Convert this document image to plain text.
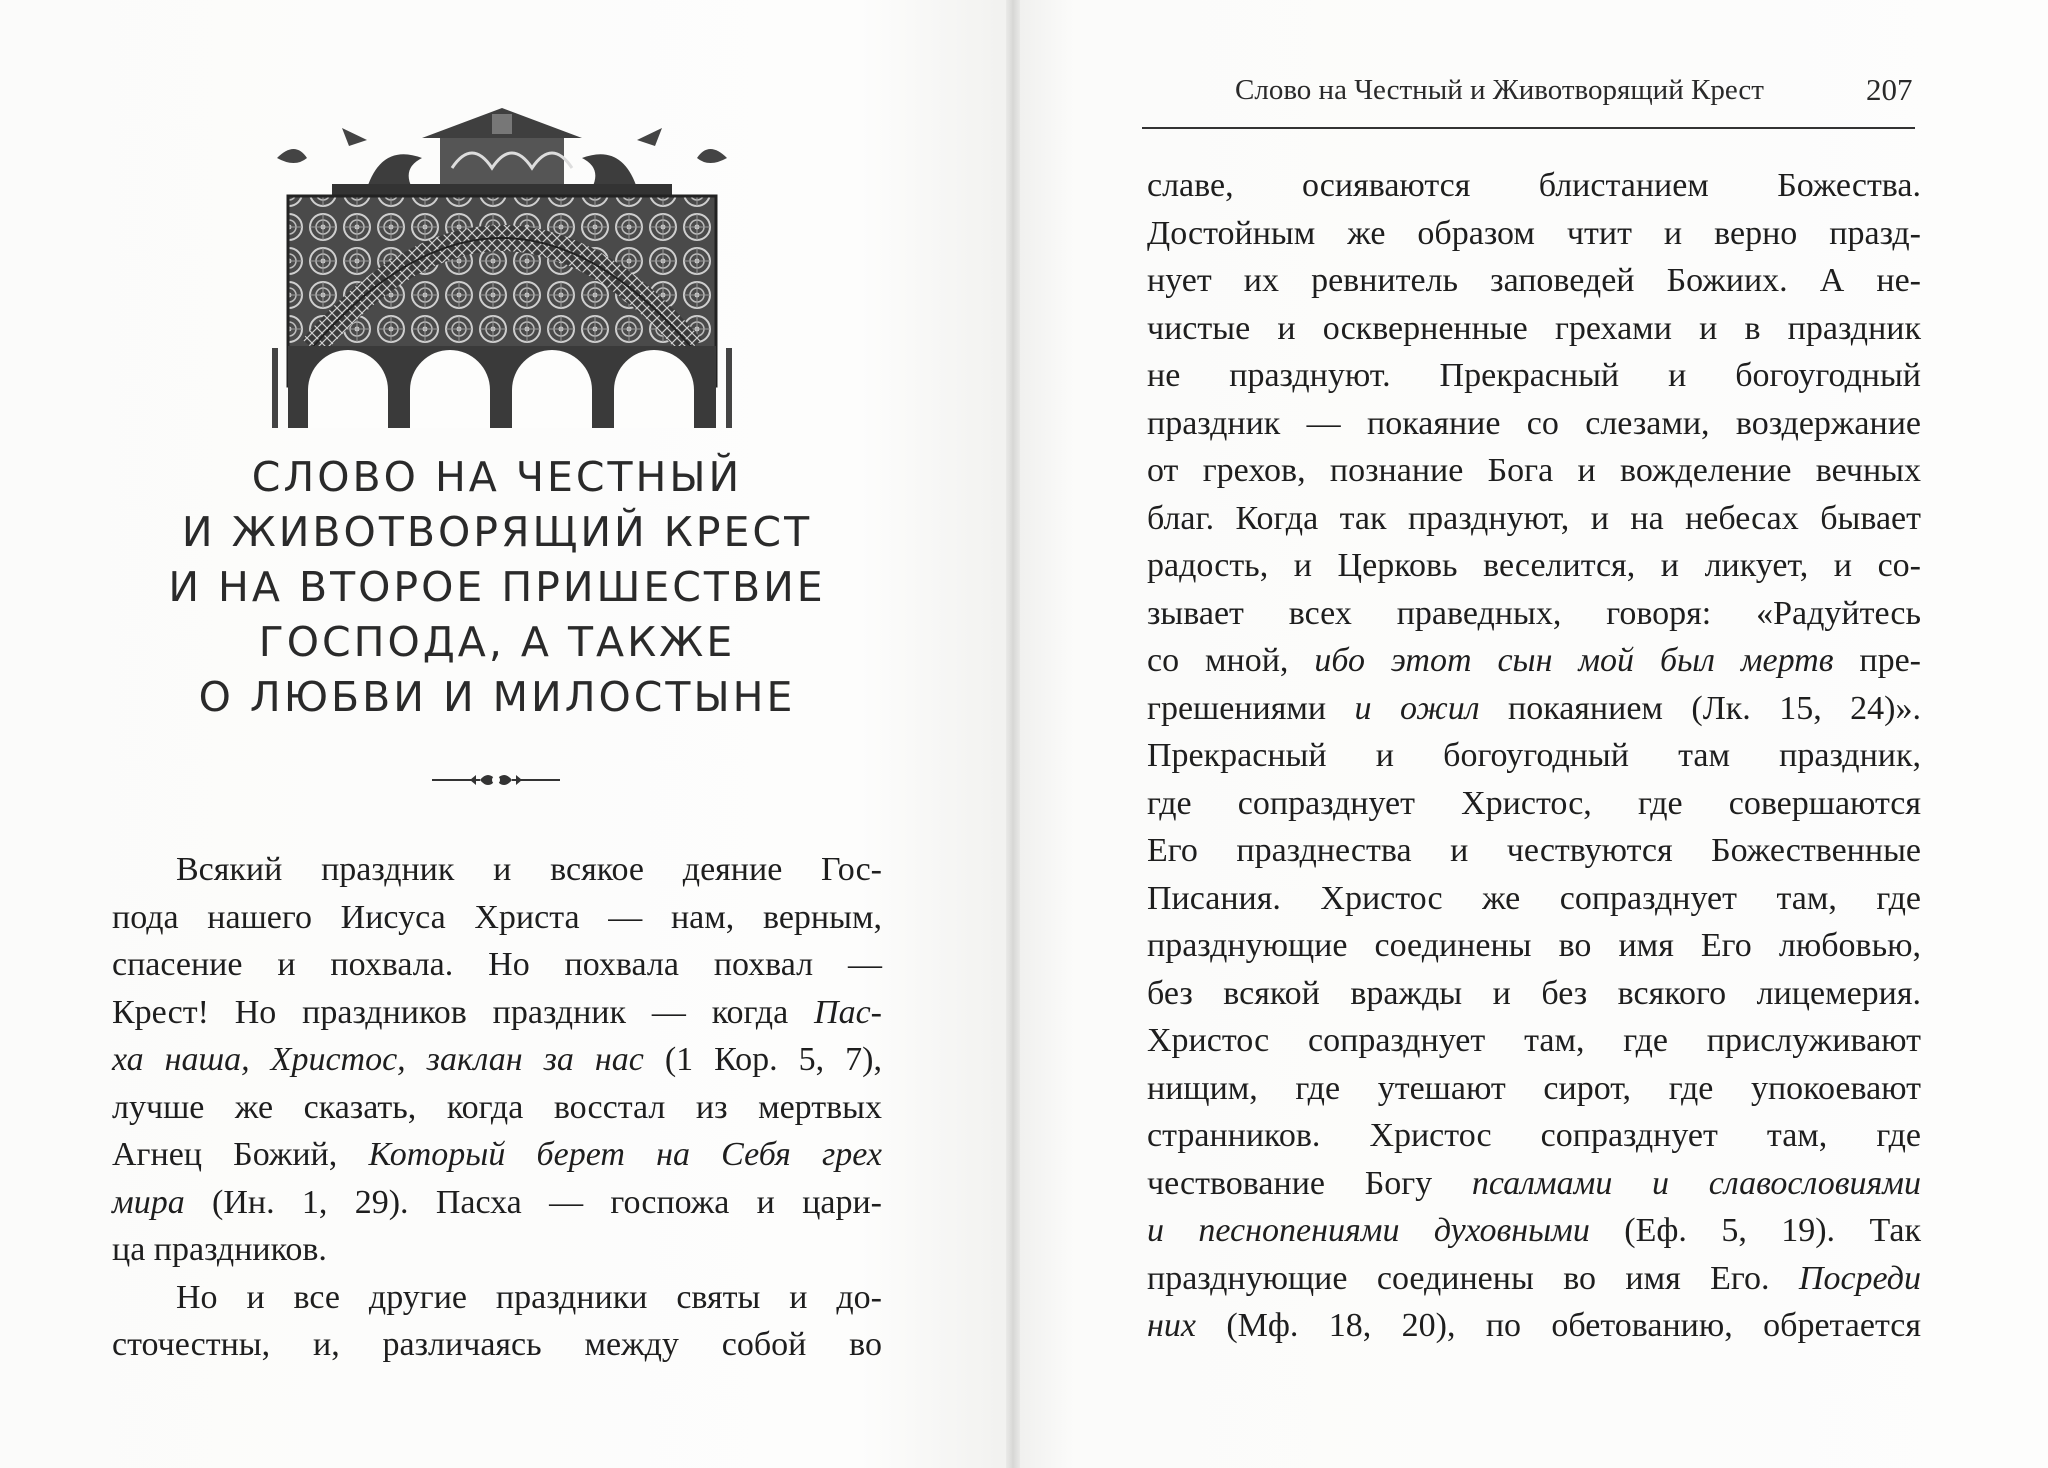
СЛОВО НА ЧЕСТНЫЙ
И ЖИВОТВОРЯЩИЙ КРЕСТ
И НА ВТОРОЕ ПРИШЕСТВИЕ
ГОСПОДА, А ТАКЖЕ
О ЛЮБВИ И МИЛОСТЫНЕ
Всякий праздник и всякое деяние Гос-
пода нашего Иисуса Христа — нам, верным,
спасение и похвала. Но похвала похвал —
Крест! Но праздников праздник — когда Пас-
ха наша, Христос, заклан за нас (1 Кор. 5, 7),
лучше же сказать, когда восстал из мертвых
Агнец Божий, Который берет на Себя грех
мира (Ин. 1, 29). Пасха — госпожа и цари-
ца праздников.
Но и все другие праздники святы и до-
сточестны, и, различаясь между собой во
Слово на Честный и Животворящий Крест	207
славе, осияваются блистанием Божества.
Достойным же образом чтит и верно празд-
нует их ревнитель заповедей Божиих. А не-
чистые и оскверненные грехами и в праздник
не празднуют. Прекрасный и богоугодный
праздник — покаяние со слезами, воздержание
от грехов, познание Бога и вожделение вечных
благ. Когда так празднуют, и на небесах бывает
радость, и Церковь веселится, и ликует, и со-
зывает всех праведных, говоря: «Радуйтесь
со мной, ибо этот сын мой был мертв пре-
грешениями и ожил покаянием (Лк. 15, 24)».
Прекрасный и богоугодный там праздник,
где сопразднует Христос, где совершаются
Его празднества и чествуются Божественные
Писания. Христос же сопразднует там, где
празднующие соединены во имя Его любовью,
без всякой вражды и без всякого лицемерия.
Христос сопразднует там, где прислуживают
нищим, где утешают сирот, где упокоевают
странников. Христос сопразднует там, где
чествование Богу псалмами и славословиями
и песнопениями духовными (Еф. 5, 19). Так
празднующие соединены во имя Его. Посреди
них (Мф. 18, 20), по обетованию, обретается
